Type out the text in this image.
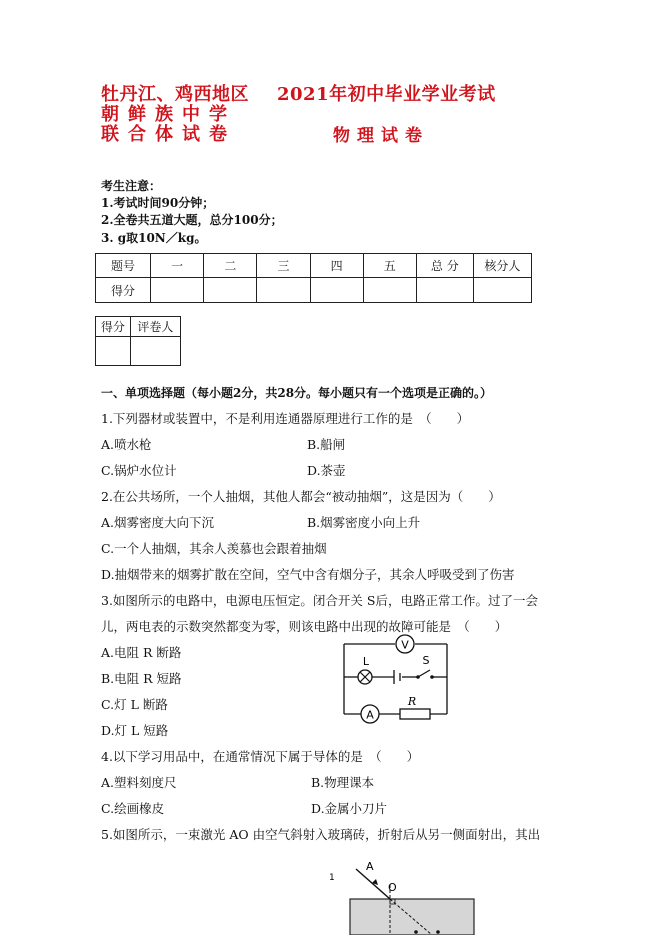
牡丹江、鸡西地区 2021年初中毕业学业考试
朝鲜族中学
联合体试卷	物理试卷
考生注意：
1.考试时间90分钟；
2.全卷共五道大题，总分100分；
3. g取10N／kg。
题号	一	二	三	四	五	总 分	核分人
得分							
得分	评卷人

一、单项选择题（每小题2分，共28分。每小题只有一个选项是正确的。）
1.下列器材或装置中，不是利用连通器原理进行工作的是　（　　）
A.喷水枪	B.船闸
C.锅炉水位计	D.茶壶
2.在公共场所，一个人抽烟，其他人都会“被动抽烟”，这是因为（　　）
A.烟雾密度大向下沉	B.烟雾密度小向上升
C.一个人抽烟，其余人羡慕也会跟着抽烟
D.抽烟带来的烟雾扩散在空间，空气中含有烟分子，其余人呼吸受到了伤害
3.如图所示的电路中，电源电压恒定。闭合开关 S后，电路正常工作。过了一会
儿，两电表的示数突然都变为零，则该电路中出现的故障可能是　（　　）
A.电阻 R 断路
B.电阻 R 短路
C.灯 L 断路
D.灯 L 短路
V
L	S
A
R
4.以下学习用品中，在通常情况下属于导体的是　（　　）
A.塑料刻度尺	B.物理课本
C.绘画橡皮	D.金属小刀片
5.如图所示，一束激光 AO 由空气斜射入玻璃砖，折射后从另一侧面射出，其出
1
A
O
